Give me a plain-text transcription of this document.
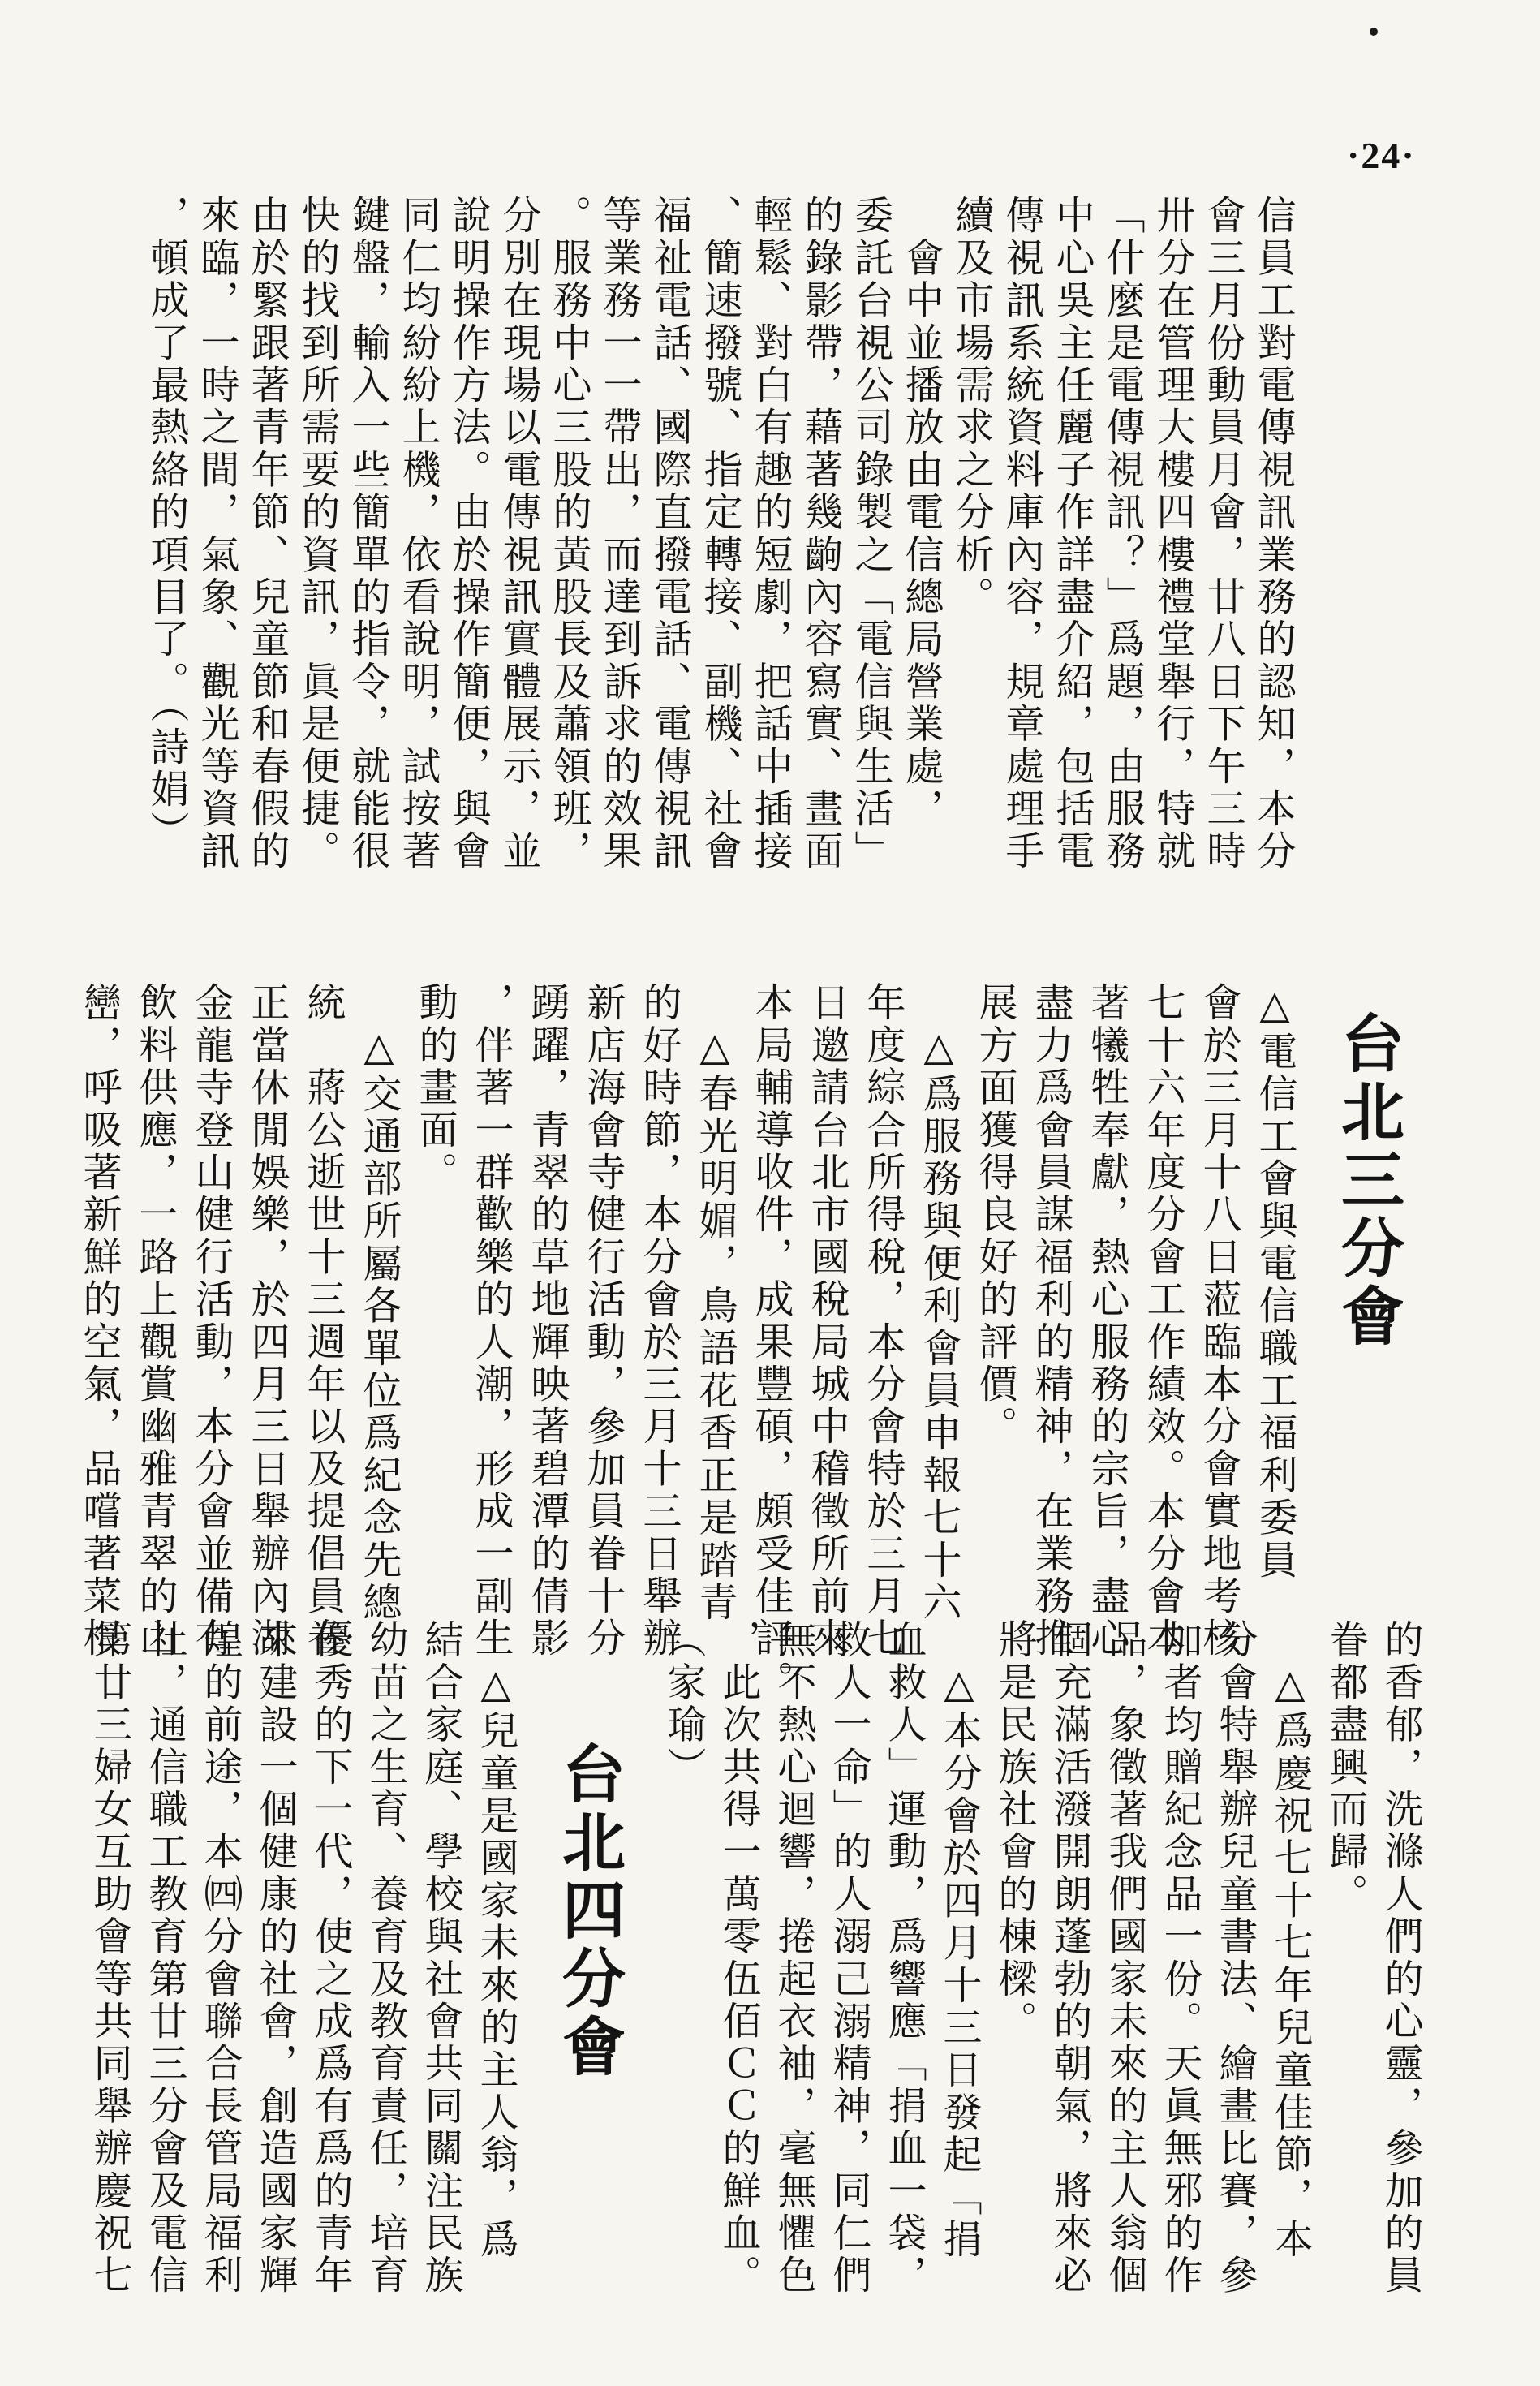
·24·
信員工對電傳視訊業務的認知，本分
會三月份動員月會，廿八日下午三時
卅分在管理大樓四樓禮堂舉行，特就
「什麼是電傳視訊？」爲題，由服務
中心吳主任麗子作詳盡介紹，包括電
傳視訊系統資料庫內容，規章處理手
續及市場需求之分析。
　會中並播放由電信總局營業處，
委託台視公司錄製之「電信與生活」
的錄影帶，藉著幾齣內容寫實、畫面
輕鬆、對白有趣的短劇，把話中插接
、簡速撥號、指定轉接、副機、社會
福祉電話、國際直撥電話、電傳視訊
等業務一一帶出，而達到訴求的效果
。服務中心三股的黃股長及蕭領班，
分別在現場以電傳視訊實體展示，並
說明操作方法。由於操作簡便，與會
同仁均紛紛上機，依看說明，試按著
鍵盤，輸入一些簡單的指令，就能很
快的找到所需要的資訊，眞是便捷。
由於緊跟著青年節、兒童節和春假的
來臨，一時之間，氣象、觀光等資訊
，頓成了最熱絡的項目了。（詩娟）
台北三分會
△電信工會與電信職工福利委員
會於三月十八日蒞臨本分會實地考核
七十六年度分會工作績效。本分會本
著犧牲奉獻，熱心服務的宗旨，盡心
盡力爲會員謀福利的精神，在業務推
展方面獲得良好的評價。
　△爲服務與便利會員申報七十六
年度綜合所得稅，本分會特於三月七
日邀請台北市國稅局城中稽徵所前來
本局輔導收件，成果豐碩，頗受佳評。
　△春光明媚，鳥語花香正是踏青
的好時節，本分會於三月十三日舉辦
新店海會寺健行活動，參加員眷十分
踴躍，青翠的草地輝映著碧潭的倩影
，伴著一群歡樂的人潮，形成一副生
動的畫面。
　△交通部所屬各單位爲紀念先總
統　蔣公逝世十三週年以及提倡員眷
正當休閒娛樂，於四月三日舉辦內湖
金龍寺登山健行活動，本分會並備有
飲料供應，一路上觀賞幽雅青翠的山
巒，呼吸著新鮮的空氣，品嚐著菜根
的香郁，洗滌人們的心靈，參加的員
眷都盡興而歸。
　△爲慶祝七十七年兒童佳節，本
分會特舉辦兒童書法、繪畫比賽，參
加者均贈紀念品一份。天眞無邪的作
品，象徵著我們國家未來的主人翁個
個充滿活潑開朗蓬勃的朝氣，將來必
將是民族社會的棟樑。
　△本分會於四月十三日發起「捐
血救人」運動，爲響應「捐血一袋，
救人一命」的人溺己溺精神，同仁們
無不熱心迴響，捲起衣袖，毫無懼色
，此次共得一萬零伍佰ＣＣ的鮮血。
（家瑜）
台北四分會
　△兒童是國家未來的主人翁，爲
結合家庭、學校與社會共同關注民族
幼苗之生育、養育及教育責任，培育
優秀的下一代，使之成爲有爲的青年
來建設一個健康的社會，創造國家輝
煌的前途，本㈣分會聯合長管局福利
社，通信職工教育第廿三分會及電信
第廿三婦女互助會等共同舉辦慶祝七
